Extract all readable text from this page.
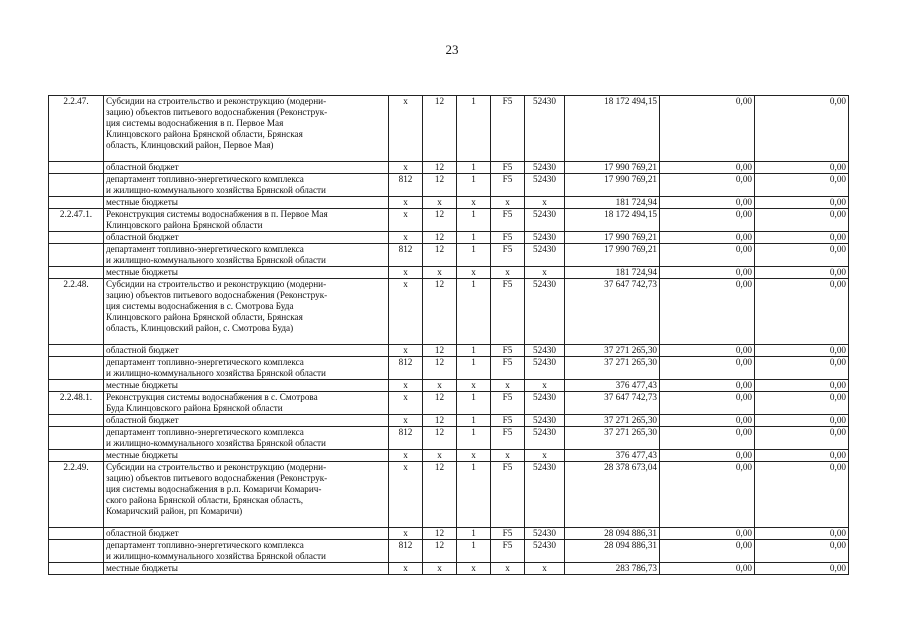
23
2.2.47.	Субсидии на строительство и реконструкцию (модерни-
зацию) объектов питьевого водоснабжения (Реконструк-
ция системы водоснабжения в п. Первое Мая
Клинцовского района Брянской области, Брянская
область, Клинцовский район, Первое Мая)	х	12	1	F5	52430	18 172 494,15	0,00	0,00
	областной бюджет	х	12	1	F5	52430	17 990 769,21	0,00	0,00
	департамент топливно-энергетического комплекса
и жилищно-коммунального хозяйства Брянской области	812	12	1	F5	52430	17 990 769,21	0,00	0,00
	местные бюджеты	х	х	х	х	х	181 724,94	0,00	0,00
2.2.47.1.	Реконструкция системы водоснабжения в п. Первое Мая
Клинцовского района Брянской области	х	12	1	F5	52430	18 172 494,15	0,00	0,00
	областной бюджет	х	12	1	F5	52430	17 990 769,21	0,00	0,00
	департамент топливно-энергетического комплекса
и жилищно-коммунального хозяйства Брянской области	812	12	1	F5	52430	17 990 769,21	0,00	0,00
	местные бюджеты	х	х	х	х	х	181 724,94	0,00	0,00
2.2.48.	Субсидии на строительство и реконструкцию (модерни-
зацию) объектов питьевого водоснабжения (Реконструк-
ция системы водоснабжения в с. Смотрова Буда
Клинцовского района Брянской области, Брянская
область, Клинцовский район, с. Смотрова Буда)	х	12	1	F5	52430	37 647 742,73	0,00	0,00
	областной бюджет	х	12	1	F5	52430	37 271 265,30	0,00	0,00
	департамент топливно-энергетического комплекса
и жилищно-коммунального хозяйства Брянской области	812	12	1	F5	52430	37 271 265,30	0,00	0,00
	местные бюджеты	х	х	х	х	х	376 477,43	0,00	0,00
2.2.48.1.	Реконструкция системы водоснабжения в с. Смотрова
Буда Клинцовского района Брянской области	х	12	1	F5	52430	37 647 742,73	0,00	0,00
	областной бюджет	х	12	1	F5	52430	37 271 265,30	0,00	0,00
	департамент топливно-энергетического комплекса
и жилищно-коммунального хозяйства Брянской области	812	12	1	F5	52430	37 271 265,30	0,00	0,00
	местные бюджеты	х	х	х	х	х	376 477,43	0,00	0,00
2.2.49.	Субсидии на строительство и реконструкцию (модерни-
зацию) объектов питьевого водоснабжения (Реконструк-
ция системы водоснабжения в р.п. Комаричи Комарич-
ского района Брянской области, Брянская область,
Комаричский район, рп Комаричи)	х	12	1	F5	52430	28 378 673,04	0,00	0,00
	областной бюджет	х	12	1	F5	52430	28 094 886,31	0,00	0,00
	департамент топливно-энергетического комплекса
и жилищно-коммунального хозяйства Брянской области	812	12	1	F5	52430	28 094 886,31	0,00	0,00
	местные бюджеты	х	х	х	х	х	283 786,73	0,00	0,00
